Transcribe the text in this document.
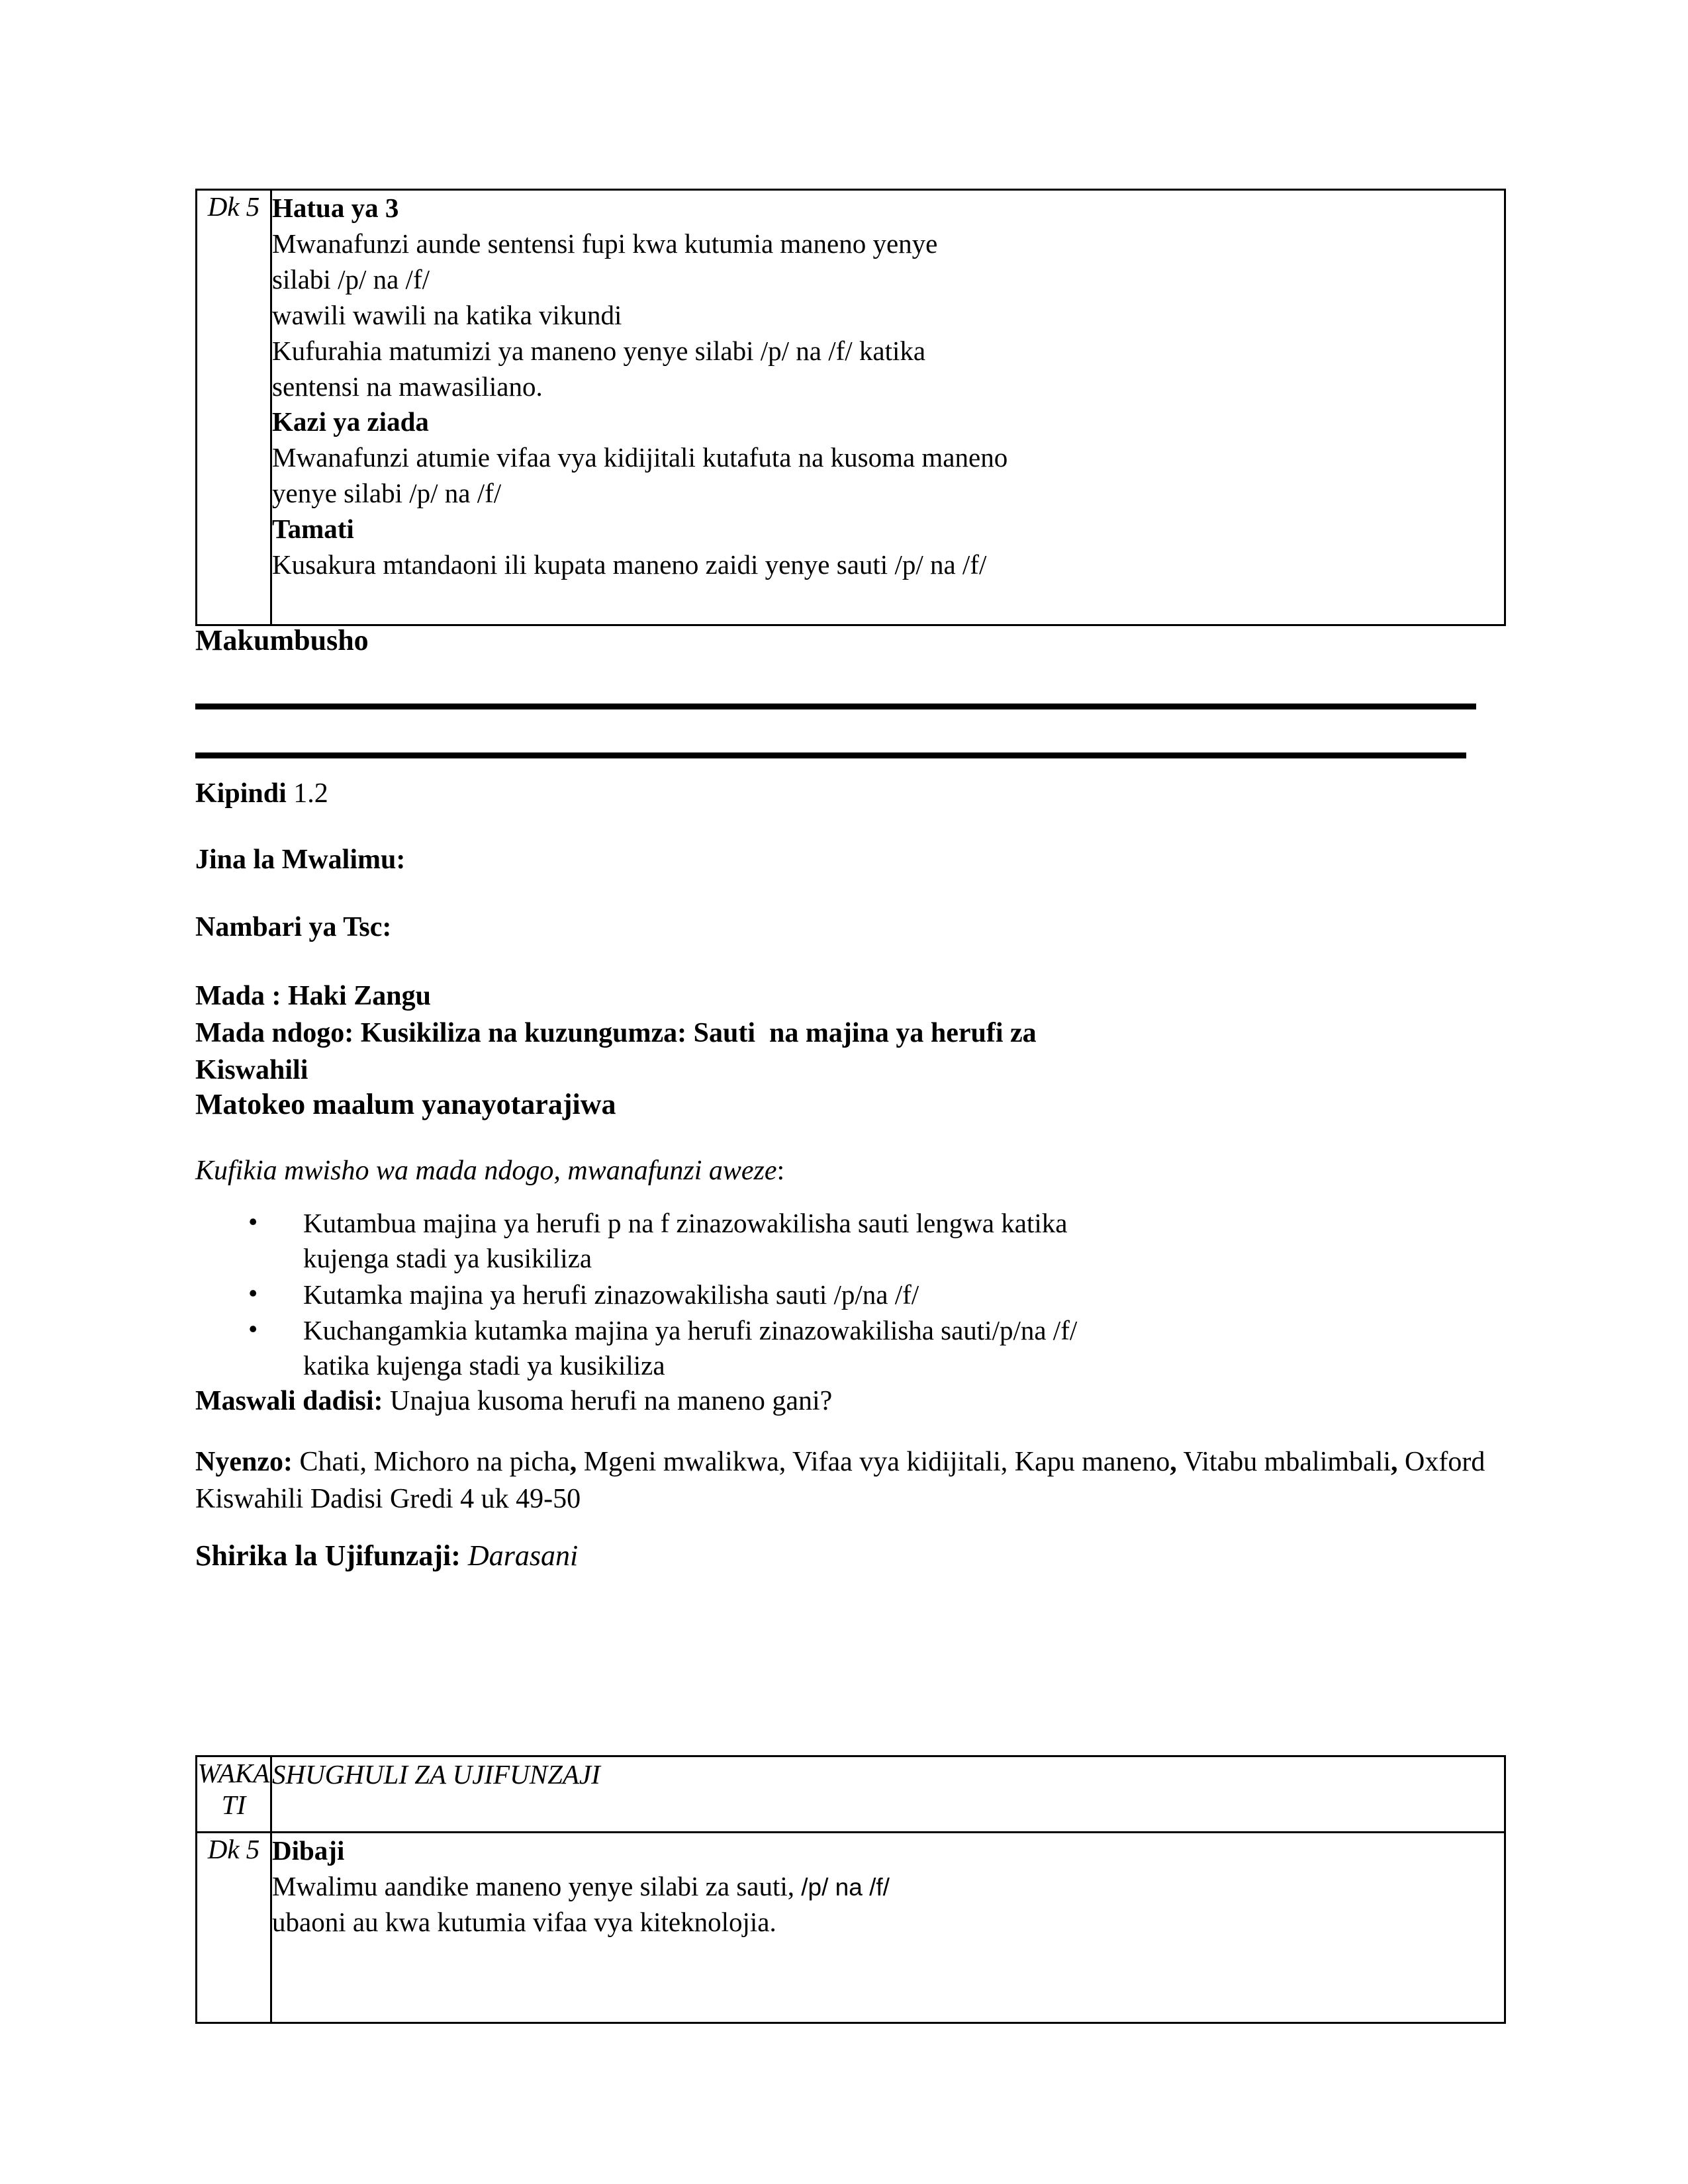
Dk 5	Hatua ya 3
Mwanafunzi aunde sentensi fupi kwa kutumia maneno yenye
silabi /p/ na /f/
wawili wawili na katika vikundi
Kufurahia matumizi ya maneno yenye silabi /p/ na /f/ katika
sentensi na mawasiliano.
Kazi ya ziada
Mwanafunzi atumie vifaa vya kidijitali kutafuta na kusoma maneno
yenye silabi /p/ na /f/
Tamati
Kusakura mtandaoni ili kupata maneno zaidi yenye sauti /p/ na /f/
Makumbusho
Kipindi 1.2
Jina la Mwalimu:
Nambari ya Tsc:
Mada : Haki Zangu
Mada ndogo: Kusikiliza na kuzungumza: Sauti  na majina ya herufi za
Kiswahili
Matokeo maalum yanayotarajiwa
Kufikia mwisho wa mada ndogo, mwanafunzi aweze:
• Kutambua majina ya herufi p na f zinazowakilisha sauti lengwa katika
kujenga stadi ya kusikiliza
• Kutamka majina ya herufi zinazowakilisha sauti /p/na /f/
• Kuchangamkia kutamka majina ya herufi zinazowakilisha sauti/p/na /f/
katika kujenga stadi ya kusikiliza
Maswali dadisi: Unajua kusoma herufi na maneno gani?
Nyenzo: Chati, Michoro na picha, Mgeni mwalikwa, Vifaa vya kidijitali, Kapu maneno, Vitabu mbalimbali, Oxford Kiswahili Dadisi Gredi 4 uk 49-50
Shirika la Ujifunzaji: Darasani
WAKA
TI	SHUGHULI ZA UJIFUNZAJI
Dk 5	Dibaji
Mwalimu aandike maneno yenye silabi za sauti, /p/ na /f/
ubaoni au kwa kutumia vifaa vya kiteknolojia.
